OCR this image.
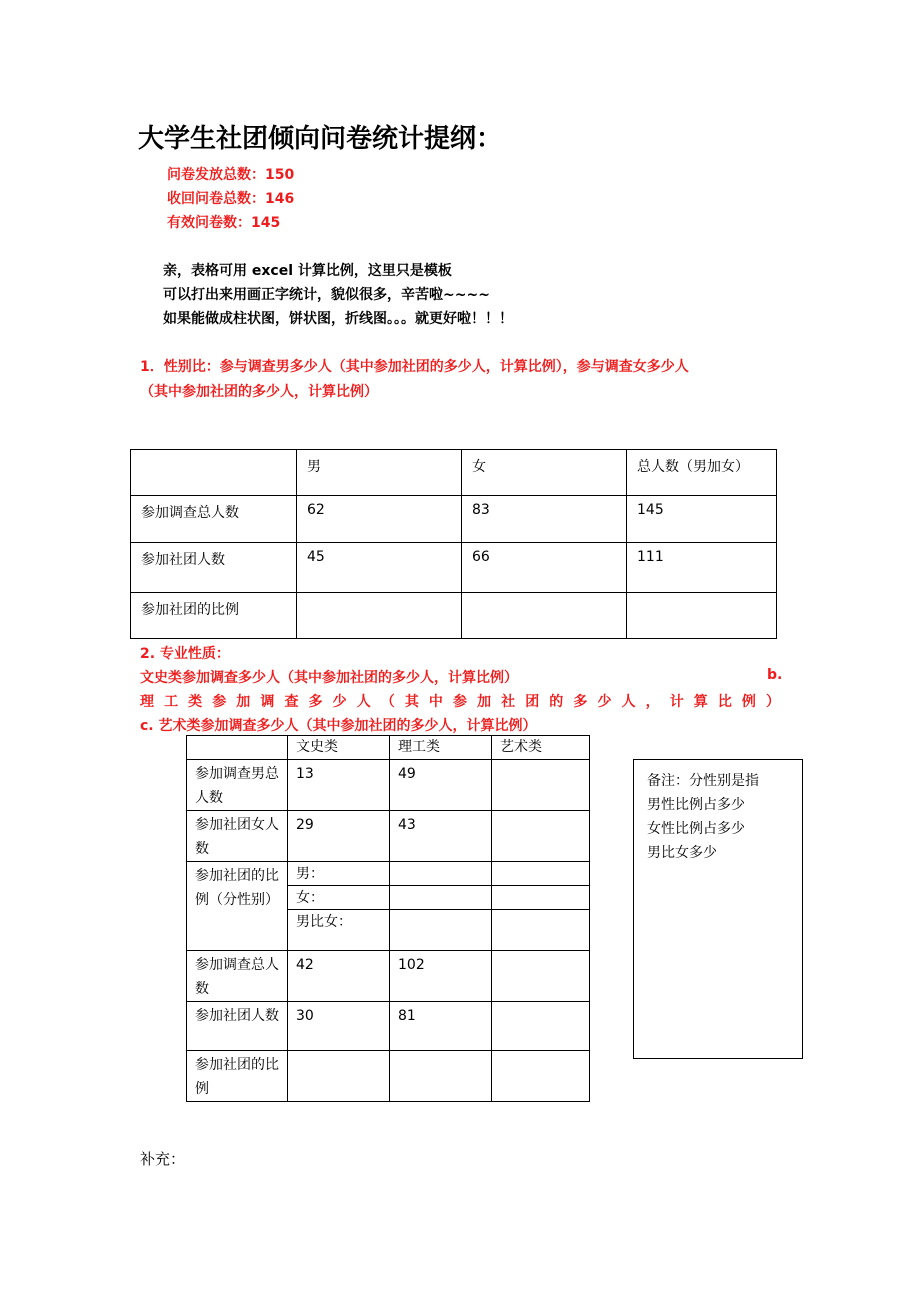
大学生社团倾向问卷统计提纲：
问卷发放总数：150
收回问卷总数：146
有效问卷数：145
亲，表格可用 excel 计算比例，这里只是模板
可以打出来用画正字统计，貌似很多，辛苦啦~~~~
如果能做成柱状图，饼状图，折线图。。。就更好啦！！！
1．性别比：参与调查男多少人（其中参加社团的多少人，计算比例），参与调查女多少人
（其中参加社团的多少人，计算比例）
	男	女	总人数（男加女）
参加调查总人数	62	83	145
参加社团人数	45	66	111
参加社团的比例			
2. 专业性质：
文史类参加调查多少人（其中参加社团的多少人，计算比例）	b.
理工类参加调查多少人（其中参加社团的多少人，计算比例）
c. 艺术类参加调查多少人（其中参加社团的多少人，计算比例）
	文史类	理工类	艺术类
参加调查男总人数	13	49	
参加社团女人数	29	43	
参加社团的比例（分性别）	男：		
	女：		
	男比女：		
参加调查总人数	42	102	
参加社团人数	30	81	
参加社团的比例			
备注：分性别是指
男性比例占多少
女性比例占多少
男比女多少
补充：
